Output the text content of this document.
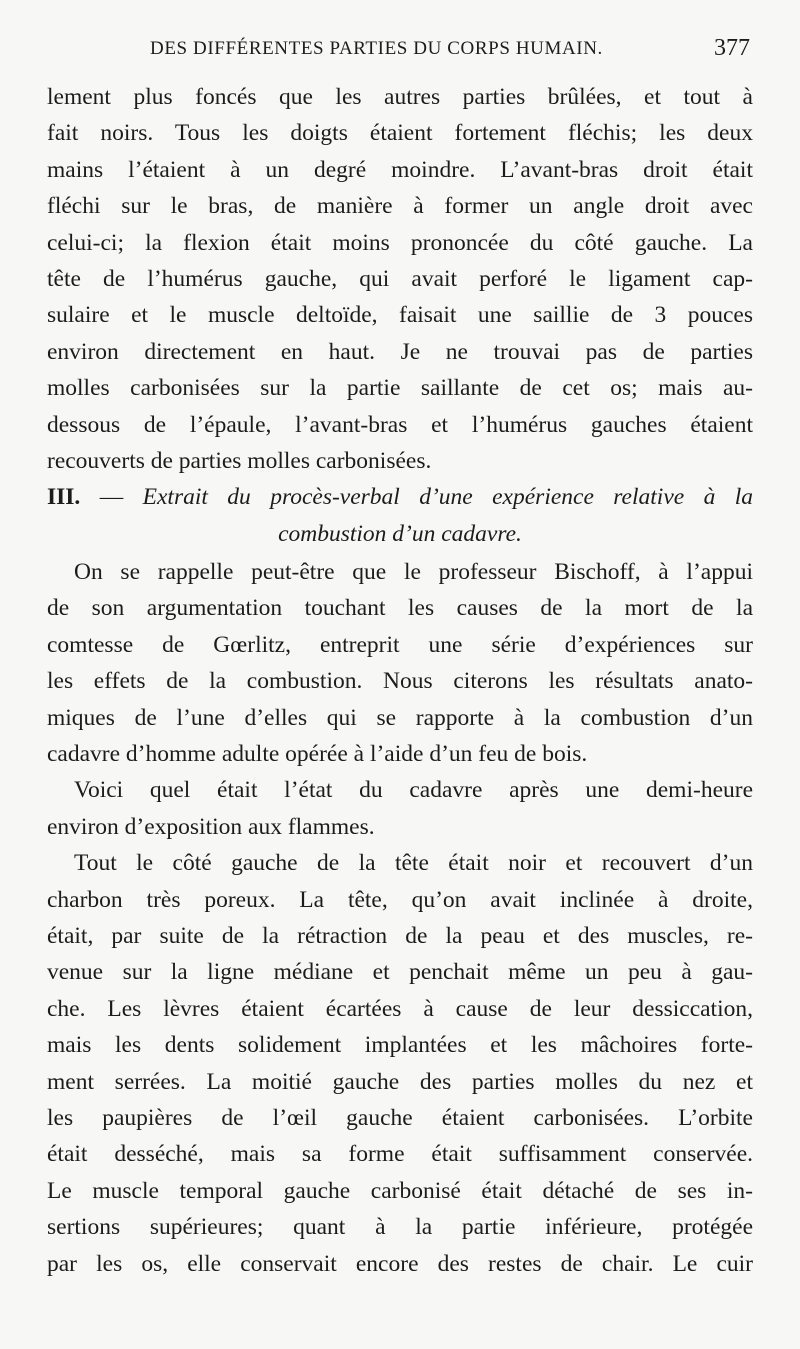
DES DIFFÉRENTES PARTIES DU CORPS HUMAIN.	377
lement plus foncés que les autres parties brûlées, et tout à
fait noirs. Tous les doigts étaient fortement fléchis; les deux
mains l’étaient à un degré moindre. L’avant-bras droit était
fléchi sur le bras, de manière à former un angle droit avec
celui-ci; la flexion était moins prononcée du côté gauche. La
tête de l’humérus gauche, qui avait perforé le ligament cap-
sulaire et le muscle deltoïde, faisait une saillie de 3 pouces
environ directement en haut. Je ne trouvai pas de parties
molles carbonisées sur la partie saillante de cet os; mais au-
dessous de l’épaule, l’avant-bras et l’humérus gauches étaient
recouverts de parties molles carbonisées.
III. — Extrait du procès-verbal d’une expérience relative à la
combustion d’un cadavre.
On se rappelle peut-être que le professeur Bischoff, à l’appui
de son argumentation touchant les causes de la mort de la
comtesse de Gœrlitz, entreprit une série d’expériences sur
les effets de la combustion. Nous citerons les résultats anato-
miques de l’une d’elles qui se rapporte à la combustion d’un
cadavre d’homme adulte opérée à l’aide d’un feu de bois.
Voici quel était l’état du cadavre après une demi-heure
environ d’exposition aux flammes.
Tout le côté gauche de la tête était noir et recouvert d’un
charbon très poreux. La tête, qu’on avait inclinée à droite,
était, par suite de la rétraction de la peau et des muscles, re-
venue sur la ligne médiane et penchait même un peu à gau-
che. Les lèvres étaient écartées à cause de leur dessiccation,
mais les dents solidement implantées et les mâchoires forte-
ment serrées. La moitié gauche des parties molles du nez et
les paupières de l’œil gauche étaient carbonisées. L’orbite
était desséché, mais sa forme était suffisamment conservée.
Le muscle temporal gauche carbonisé était détaché de ses in-
sertions supérieures; quant à la partie inférieure, protégée
par les os, elle conservait encore des restes de chair. Le cuir
